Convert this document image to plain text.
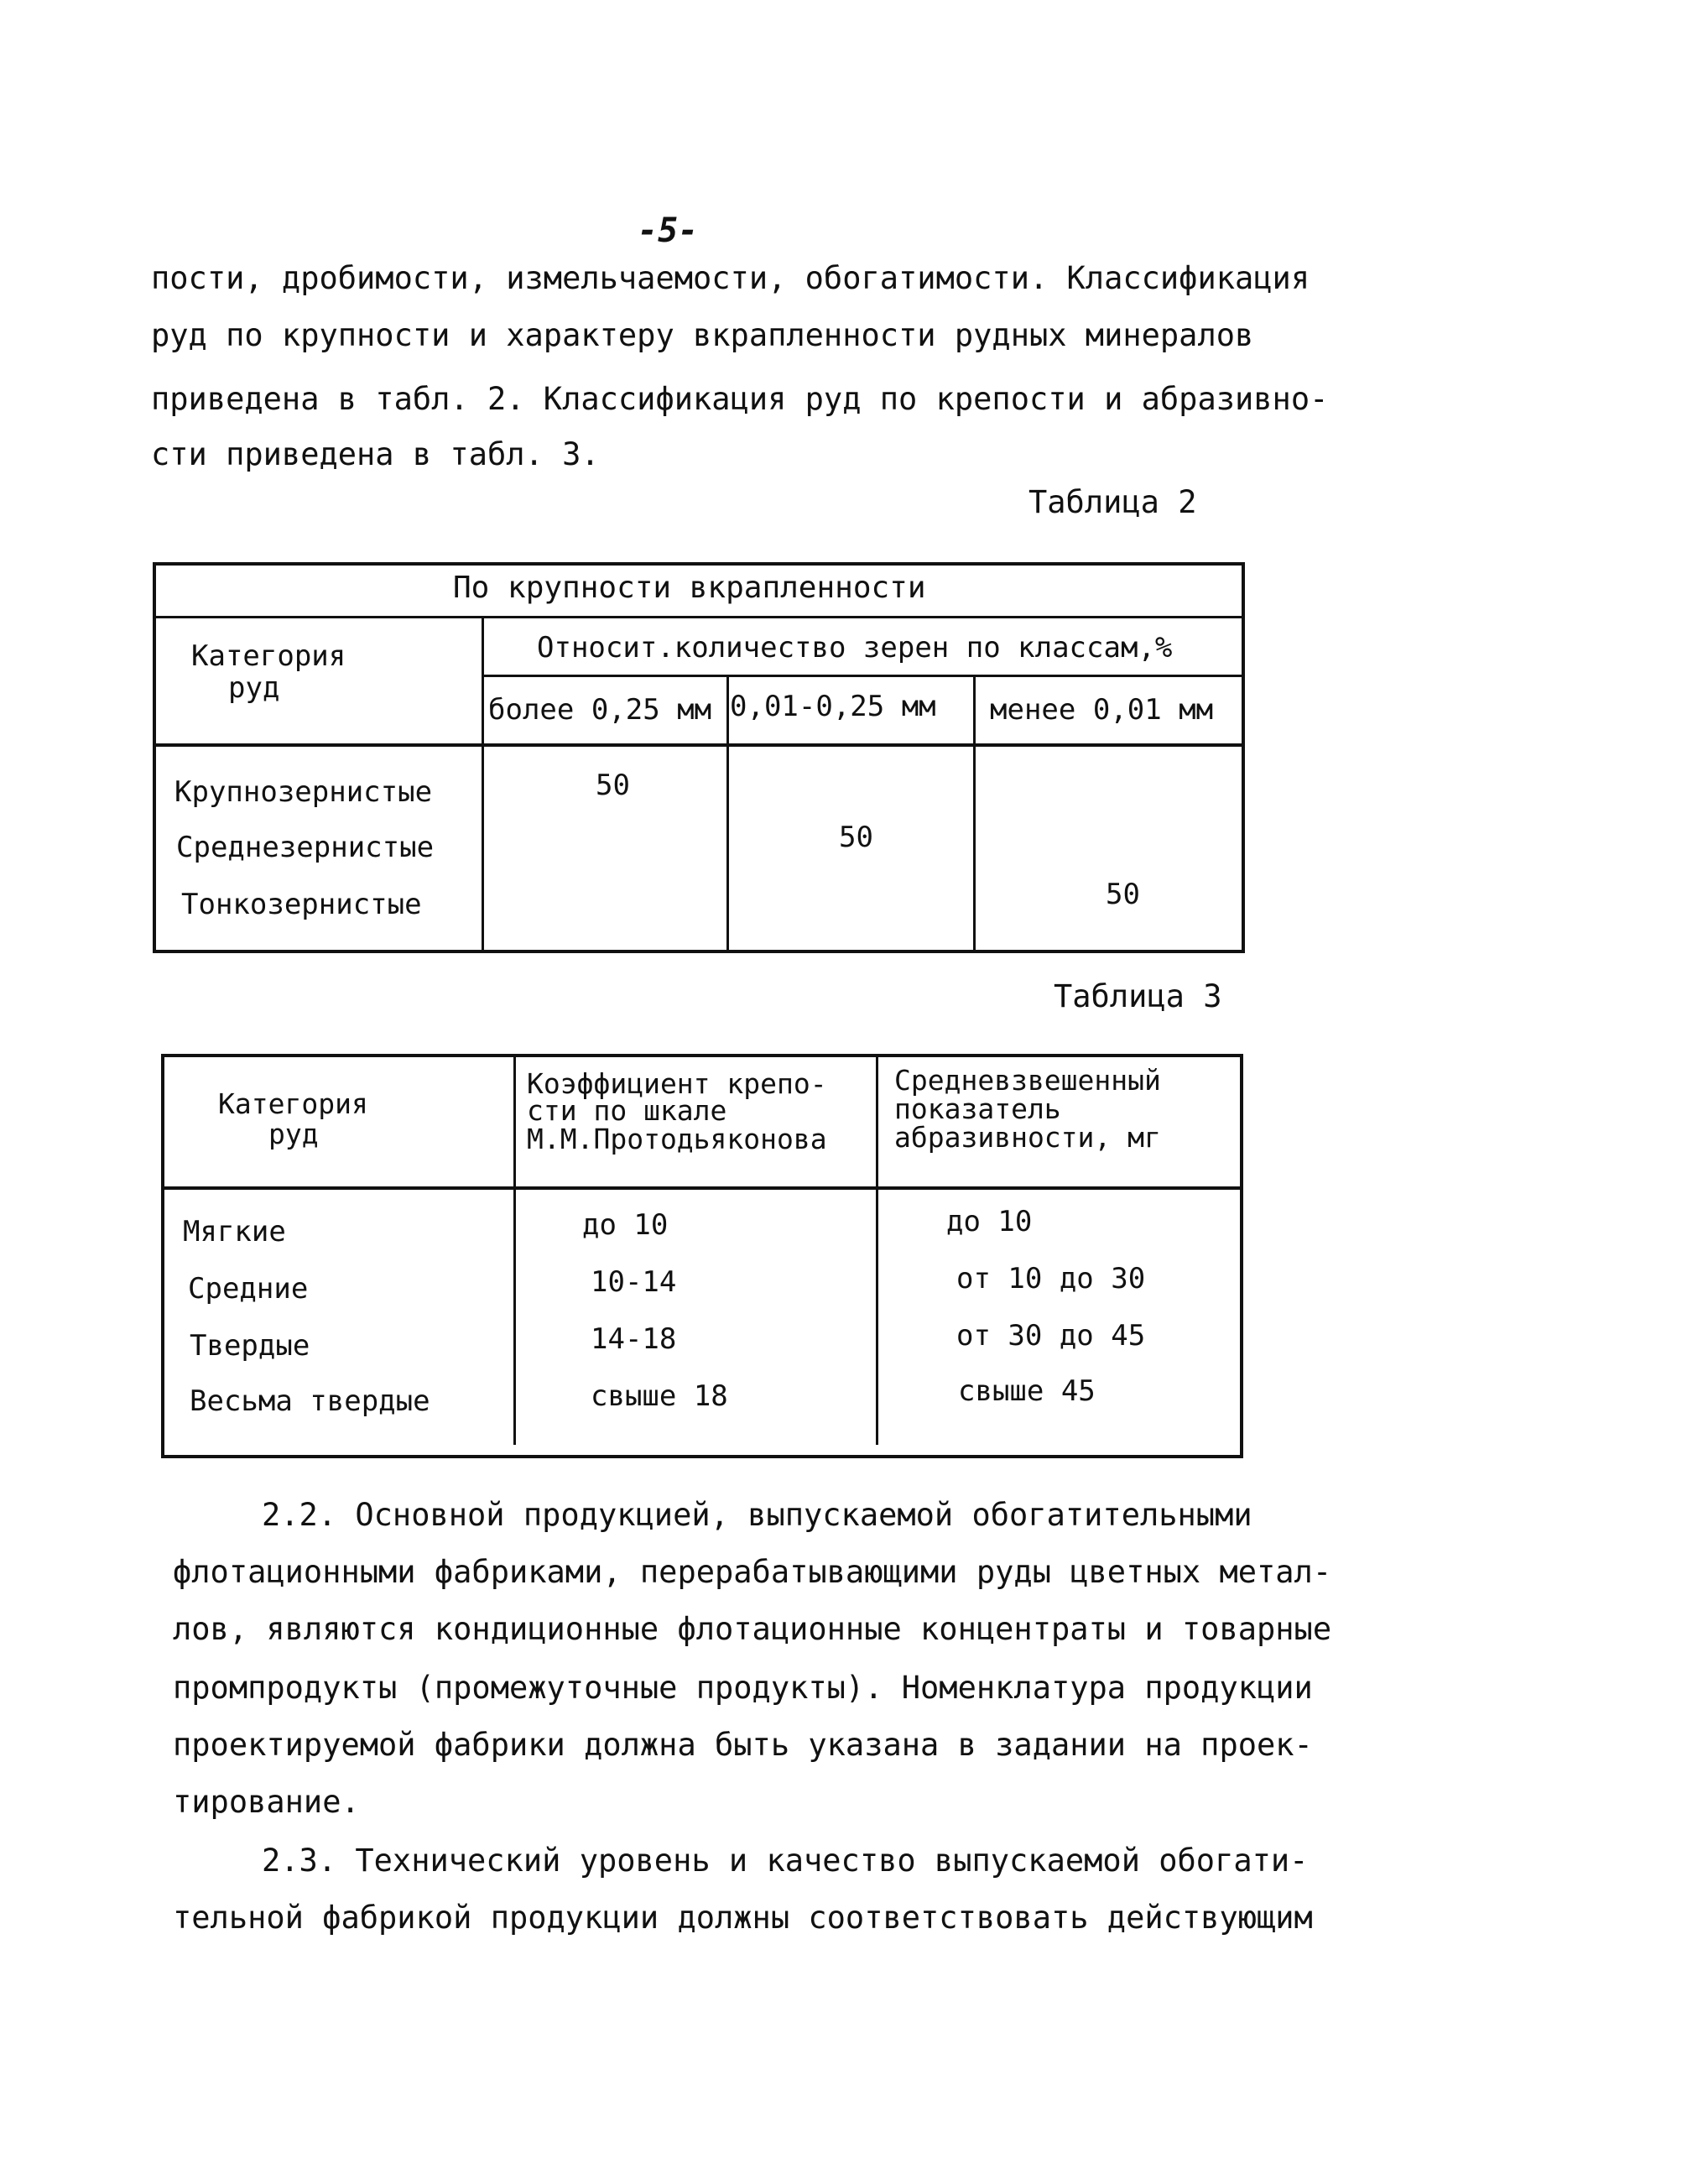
-5-
пости, дробимости, измельчаемости, обогатимости. Классификация
руд по крупности и характеру вкрапленности рудных минералов
приведена в табл. 2. Классификация руд по крепости и абразивно-
сти приведена в табл. 3.
Таблица 2
По крупности вкрапленности
Категория
руд
Относит.количество зерен по классам,%
более 0,25 мм 0,01-0,25 мм менее 0,01 мм
Крупнозернистые
Среднезернистые
Тонкозернистые
50
50
50
Таблица 3
Категория
руд
Коэффициент крепо-
сти по шкале
М.М.Протодьяконова
Средневзвешенный
показатель
абразивности, мг
Мягкие
Средние
Твердые
Весьма твердые
до 10
10-14
14-18
свыше 18
до 10
от 10 до 30
от 30 до 45
свыше 45
2.2. Основной продукцией, выпускаемой обогатительными
флотационными фабриками, перерабатывающими руды цветных метал-
лов, являются кондиционные флотационные концентраты и товарные
промпродукты (промежуточные продукты). Номенклатура продукции
проектируемой фабрики должна быть указана в задании на проек-
тирование.
2.3. Технический уровень и качество выпускаемой обогати-
тельной фабрикой продукции должны соответствовать действующим
